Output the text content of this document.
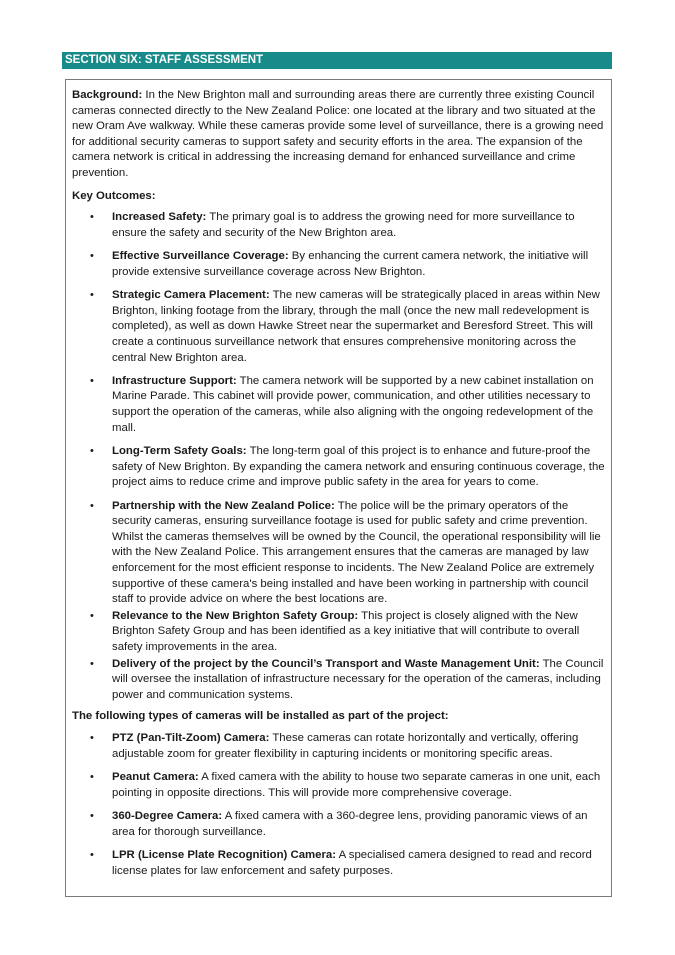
SECTION SIX: STAFF ASSESSMENT

Background: In the New Brighton mall and surrounding areas there are currently three existing Council cameras connected directly to the New Zealand Police: one located at the library and two situated at the new Oram Ave walkway. While these cameras provide some level of surveillance, there is a growing need for additional security cameras to support safety and security efforts in the area. The expansion of the camera network is critical in addressing the increasing demand for enhanced surveillance and crime prevention.

Key Outcomes:

• Increased Safety: The primary goal is to address the growing need for more surveillance to ensure the safety and security of the New Brighton area.
• Effective Surveillance Coverage: By enhancing the current camera network, the initiative will provide extensive surveillance coverage across New Brighton.
• Strategic Camera Placement: The new cameras will be strategically placed in areas within New Brighton, linking footage from the library, through the mall (once the new mall redevelopment is completed), as well as down Hawke Street near the supermarket and Beresford Street. This will create a continuous surveillance network that ensures comprehensive monitoring across the central New Brighton area.
• Infrastructure Support: The camera network will be supported by a new cabinet installation on Marine Parade. This cabinet will provide power, communication, and other utilities necessary to support the operation of the cameras, while also aligning with the ongoing redevelopment of the mall.
• Long-Term Safety Goals: The long-term goal of this project is to enhance and future-proof the safety of New Brighton. By expanding the camera network and ensuring continuous coverage, the project aims to reduce crime and improve public safety in the area for years to come.
• Partnership with the New Zealand Police: The police will be the primary operators of the security cameras, ensuring surveillance footage is used for public safety and crime prevention. Whilst the cameras themselves will be owned by the Council, the operational responsibility will lie with the New Zealand Police. This arrangement ensures that the cameras are managed by law enforcement for the most efficient response to incidents. The New Zealand Police are extremely supportive of these camera's being installed and have been working in partnership with council staff to provide advice on where the best locations are.
• Relevance to the New Brighton Safety Group: This project is closely aligned with the New Brighton Safety Group and has been identified as a key initiative that will contribute to overall safety improvements in the area.
• Delivery of the project by the Council’s Transport and Waste Management Unit: The Council will oversee the installation of infrastructure necessary for the operation of the cameras, including power and communication systems.

The following types of cameras will be installed as part of the project:

• PTZ (Pan-Tilt-Zoom) Camera: These cameras can rotate horizontally and vertically, offering adjustable zoom for greater flexibility in capturing incidents or monitoring specific areas.
• Peanut Camera: A fixed camera with the ability to house two separate cameras in one unit, each pointing in opposite directions. This will provide more comprehensive coverage.
• 360-Degree Camera: A fixed camera with a 360-degree lens, providing panoramic views of an area for thorough surveillance.
• LPR (License Plate Recognition) Camera: A specialised camera designed to read and record license plates for law enforcement and safety purposes.
